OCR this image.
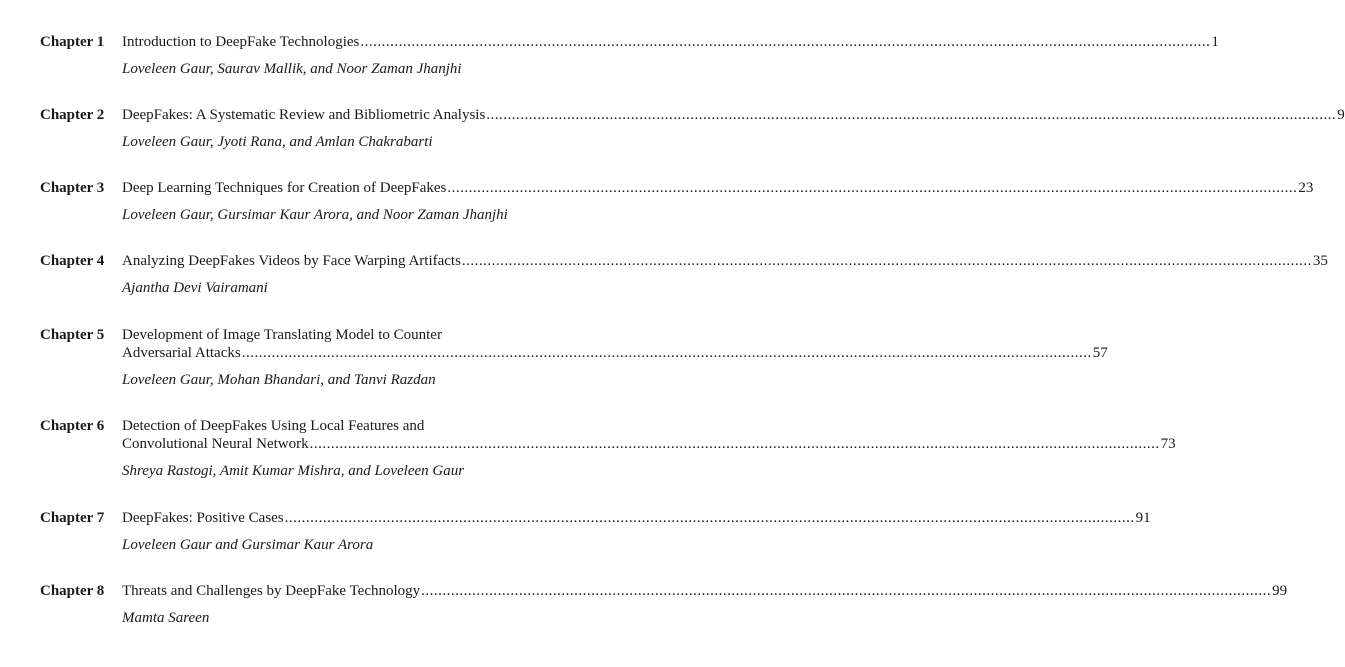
Chapter 1 Introduction to DeepFake Technologies ........................................................................................................................................................................................................ 1
Loveleen Gaur, Saurav Mallik, and Noor Zaman Jhanjhi
Chapter 2 DeepFakes: A Systematic Review and Bibliometric Analysis ........................................................................................................................................................................................................ 9
Loveleen Gaur, Jyoti Rana, and Amlan Chakrabarti
Chapter 3 Deep Learning Techniques for Creation of DeepFakes ........................................................................................................................................................................................................ 23
Loveleen Gaur, Gursimar Kaur Arora, and Noor Zaman Jhanjhi
Chapter 4 Analyzing DeepFakes Videos by Face Warping Artifacts ........................................................................................................................................................................................................ 35
Ajantha Devi Vairamani
Chapter 5 Development of Image Translating Model to Counter
Adversarial Attacks ........................................................................................................................................................................................................ 57
Loveleen Gaur, Mohan Bhandari, and Tanvi Razdan
Chapter 6 Detection of DeepFakes Using Local Features and
Convolutional Neural Network ........................................................................................................................................................................................................ 73
Shreya Rastogi, Amit Kumar Mishra, and Loveleen Gaur
Chapter 7 DeepFakes: Positive Cases ........................................................................................................................................................................................................ 91
Loveleen Gaur and Gursimar Kaur Arora
Chapter 8 Threats and Challenges by DeepFake Technology ........................................................................................................................................................................................................ 99
Mamta Sareen
